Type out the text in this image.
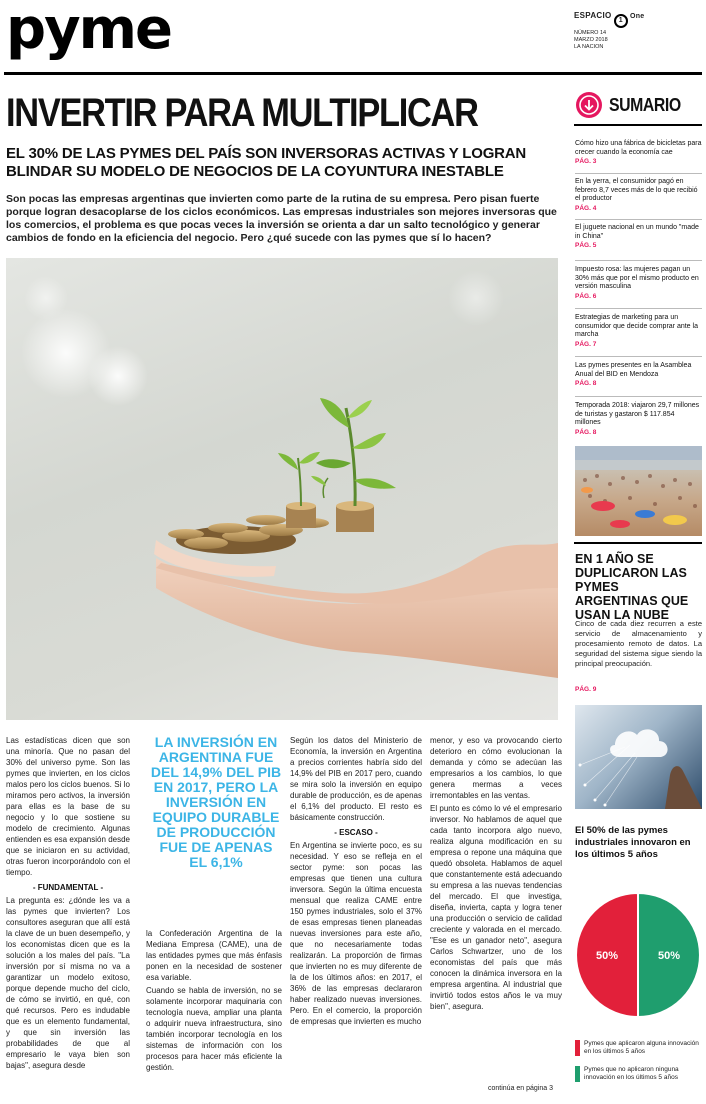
pyme	ESPACIO 1 One
NÚMERO 14
MARZO 2018
LA NACION
INVERTIR PARA MULTIPLICAR
EL 30% DE LAS PYMES DEL PAÍS SON INVERSORAS ACTIVAS Y LOGRAN BLINDAR SU MODELO DE NEGOCIOS DE LA COYUNTURA INESTABLE
Son pocas las empresas argentinas que invierten como parte de la rutina de su empresa. Pero pisan fuerte porque logran desacoplarse de los ciclos económicos. Las empresas industriales son mejores inversoras que los comercios, el problema es que pocas veces la inversión se orienta a dar un salto tecnológico y generar cambios de fondo en la eficiencia del negocio. Pero ¿qué sucede con las pymes que sí lo hacen?

Las estadísticas dicen que son una minoría. Que no pasan del 30% del universo pyme. Son las pymes que invierten, en los ciclos malos pero los ciclos buenos. Si lo miramos pero activos, la inversión para ellas es la base de su negocio y lo que sostiene su modelo de crecimiento. Algunas entienden es esa expansión desde que se iniciaron en su actividad, otras fueron incorporándolo con el tiempo.

- FUNDAMENTAL -

La pregunta es: ¿dónde les va a las pymes que invierten? Los consultores aseguran que allí está la clave de un buen desempeño, y los economistas dicen que es la solución a los males del país. "La inversión por sí misma no va a garantizar un modelo exitoso, porque depende mucho del ciclo, de cómo se invirtió, en qué, con qué recursos. Pero es indudable que es un elemento fundamental, y que sin inversión las probabilidades de que al empresario le vaya bien son bajas", asegura desde

LA INVERSIÓN EN ARGENTINA FUE DEL 14,9% DEL PIB EN 2017, PERO LA INVERSIÓN EN EQUIPO DURABLE DE PRODUCCIÓN FUE DE APENAS EL 6,1%

la Confederación Argentina de la Mediana Empresa (CAME), una de las entidades pymes que más énfasis ponen en la necesidad de sostener esa variable.

Cuando se habla de inversión, no se solamente incorporar maquinaria con tecnología nueva, ampliar una planta o adquirir nueva infraestructura, sino también incorporar tecnología en los sistemas de información con los procesos para hacer más eficiente la gestión.

Según los datos del Ministerio de Economía, la inversión en Argentina a precios corrientes habría sido del 14,9% del PIB en 2017 pero, cuando se mira solo la inversión en equipo durable de producción, es de apenas el 6,1% del producto. El resto es básicamente construcción.

- ESCASO -

En Argentina se invierte poco, es su necesidad. Y eso se refleja en el sector pyme: son pocas las empresas que tienen una cultura inversora. Según la última encuesta mensual que realiza CAME entre 150 pymes industriales, solo el 37% de esas empresas tienen planeadas nuevas inversiones para este año, que no necesariamente todas realizarán. La proporción de firmas que invierten no es muy diferente de la de los últimos años: en 2017, el 36% de las empresas declararon haber realizado nuevas inversiones. Pero. En el comercio, la proporción de empresas que invierten es mucho

menor, y eso va provocando cierto deterioro en cómo evolucionan la demanda y cómo se adecúan las empresarios a los cambios, lo que genera mermas a veces irremontables en las ventas.

El punto es cómo lo vé el empresario inversor. No hablamos de aquel que cada tanto incorpora algo nuevo, realiza alguna modificación en su empresa o repone una máquina que quedó obsoleta. Hablamos de aquel que constantemente está adecuando su empresa a las nuevas tendencias del mercado. El que investiga, diseña, invierta, capta y logra tener una producción o servicio de calidad creciente y valorada en el mercado. "Ese es un ganador neto", asegura Carlos Schwartzer, uno de los economistas del país que más conocen la dinámica inversora en la empresa argentina. Al industrial que invirtió todos estos años le va muy bien", asegura.

continúa en página 3
SUMARIO
Cómo hizo una fábrica de bicicletas para crecer cuando la economía cae
PÁG. 3
En la yerra, el consumidor pagó en febrero 8,7 veces más de lo que recibió el productor
PÁG. 4
El juguete nacional en un mundo "made in China"
PÁG. 5
Impuesto rosa: las mujeres pagan un 30% más que por el mismo producto en versión masculina
PÁG. 6
Estrategias de marketing para un consumidor que decide comprar ante la marcha
PÁG. 7
Las pymes presentes en la Asamblea Anual del BID en Mendoza
PÁG. 8
Temporada 2018: viajaron 29,7 millones de turistas y gastaron $ 117.854 millones
PÁG. 8
EN 1 AÑO SE DUPLICARON LAS PYMES ARGENTINAS QUE USAN LA NUBE
Cinco de cada diez recurren a este servicio de almacenamiento y procesamiento remoto de datos. La seguridad del sistema sigue siendo la principal preocupación.
PÁG. 9
El 50% de las pymes industriales innovaron en los últimos 5 años
50%	50%
Pymes que aplicaron alguna innovación en los últimos 5 años
Pymes que no aplicaron ninguna innovación en los últimos 5 años
